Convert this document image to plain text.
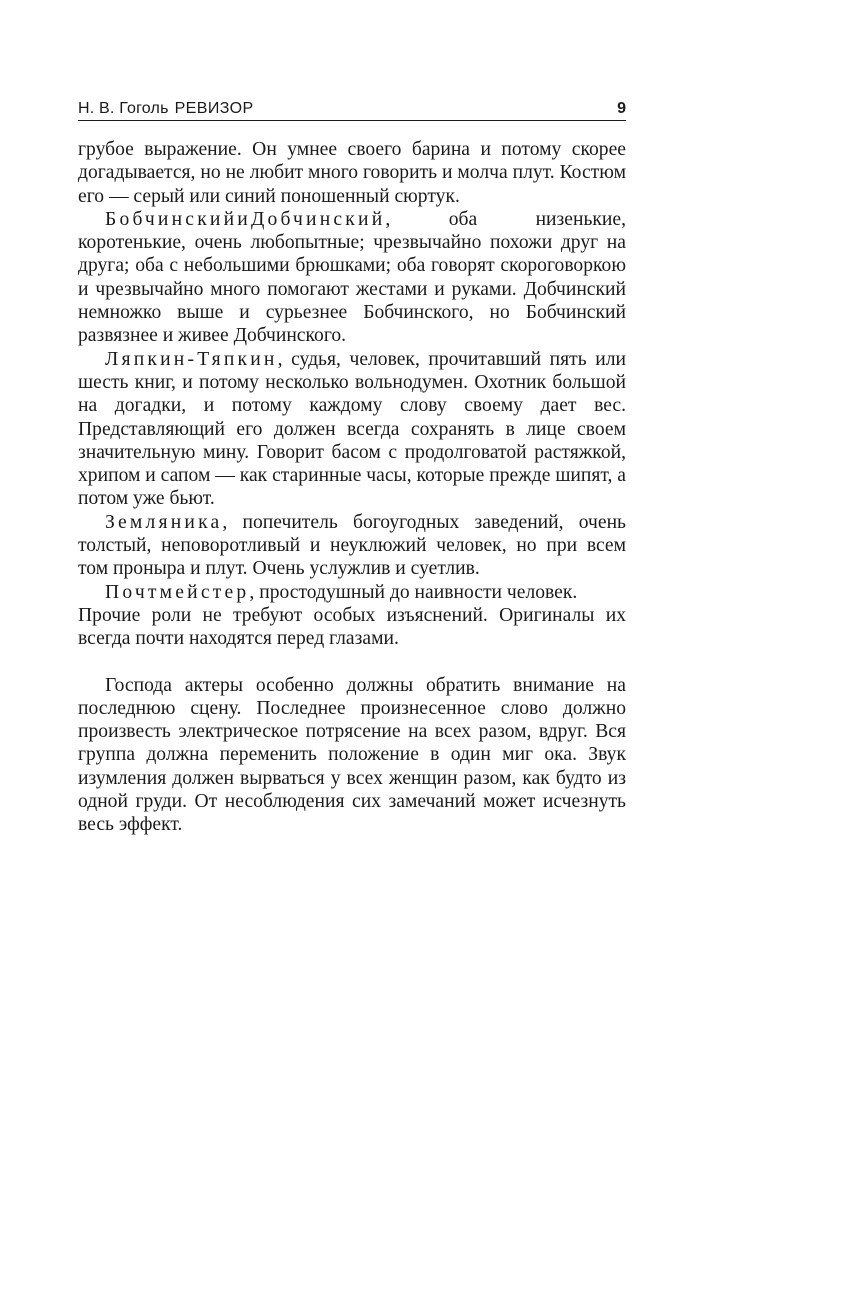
Н. В. Гоголь РЕВИЗОР	9

грубое выражение. Он умнее своего барина и потому скорее догадывается, но не любит много говорить и молча плут. Костюм его — серый или синий поношенный сюртук.

БобчинскийиДобчинский, оба низенькие, коротенькие, очень любопытные; чрезвычайно похожи друг на друга; оба с небольшими брюшками; оба говорят скороговоркою и чрезвычайно много помогают жестами и руками. Добчинский немножко выше и сурьезнее Бобчинского, но Бобчинский развязнее и живее Добчинского.

Ляпкин-Тяпкин, судья, человек, прочитавший пять или шесть книг, и потому несколько вольнодумен. Охотник большой на догадки, и потому каждому слову своему дает вес. Представляющий его должен всегда сохранять в лице своем значительную мину. Говорит басом с продолговатой растяжкой, хрипом и сапом — как старинные часы, которые прежде шипят, а потом уже бьют.

Земляника, попечитель богоугодных заведений, очень толстый, неповоротливый и неуклюжий человек, но при всем том проныра и плут. Очень услужлив и суетлив.

Почтмейстер, простодушный до наивности человек.

Прочие роли не требуют особых изъяснений. Оригиналы их всегда почти находятся перед глазами.

Господа актеры особенно должны обратить внимание на последнюю сцену. Последнее произнесенное слово должно произвесть электрическое потрясение на всех разом, вдруг. Вся группа должна переменить положение в один миг ока. Звук изумления должен вырваться у всех женщин разом, как будто из одной груди. От несоблюдения сих замечаний может исчезнуть весь эффект.
